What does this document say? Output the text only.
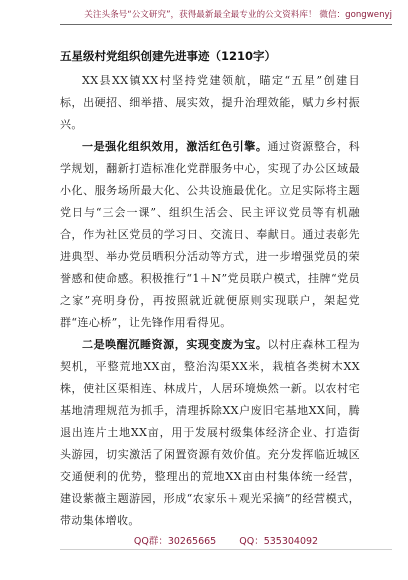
关注头条号“公文研究”，获得最新最全最专业的公文资料库！ 微信：gongwenyj
五星级村党组织创建先进事迹（1210字）

XX县XX镇XX村坚持党建领航，瞄定“五星”创建目标，出硬招、细举措、展实效，提升治理效能，赋力乡村振兴。

一是强化组织效用，激活红色引擎。通过资源整合，科学规划，翻新打造标准化党群服务中心，实现了办公区域最小化、服务场所最大化、公共设施最优化。立足实际将主题党日与“三会一课”、组织生活会、民主评议党员等有机融合，作为社区党员的学习日、交流日、奉献日。通过表彰先进典型、举办党员晒积分活动等方式，进一步增强党员的荣誉感和使命感。积极推行“1＋N”党员联户模式，挂牌“党员之家”亮明身份，再按照就近就便原则实现联户，架起党群“连心桥”，让先锋作用看得见。

二是唤醒沉睡资源，实现变废为宝。以村庄森林工程为契机，平整荒地XX亩，整治沟渠XX米，栽植各类树木XX株，使社区渠相连、林成片，人居环境焕然一新。以农村宅基地清理规范为抓手，清理拆除XX户废旧宅基地XX间，腾退出连片土地XX亩，用于发展村级集体经济企业、打造街头游园，切实激活了闲置资源有效价值。充分发挥临近城区交通便利的优势，整理出的荒地XX亩由村集体统一经营，建设紫薇主题游园，形成“农家乐＋观光采摘”的经营模式，带动集体增收。

QQ群：30265665 QQ：535304092
